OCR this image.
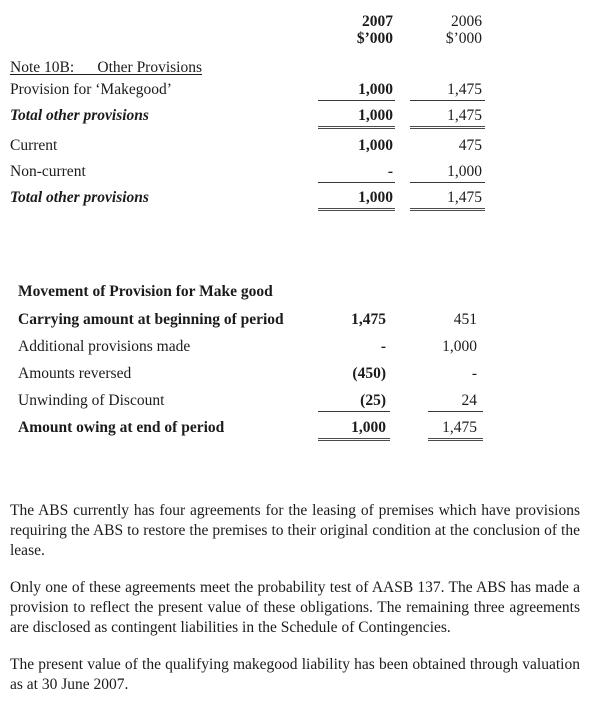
2007	2006
$’000	$’000
Note 10B:      Other Provisions
Provision for ‘Makegood’	1,000	1,475
Total other provisions	1,000	1,475
Current	1,000	475
Non-current	-	1,000
Total other provisions	1,000	1,475
Movement of Provision for Make good
Carrying amount at beginning of period	1,475	451
Additional provisions made	-	1,000
Amounts reversed	(450)	-
Unwinding of Discount	(25)	24
Amount owing at end of period	1,000	1,475

The ABS currently has four agreements for the leasing of premises which have provisions requiring the ABS to restore the premises to their original condition at the conclusion of the lease.

Only one of these agreements meet the probability test of AASB 137. The ABS has made a provision to reflect the present value of these obligations. The remaining three agreements are disclosed as contingent liabilities in the Schedule of Contingencies.

The present value of the qualifying makegood liability has been obtained through valuation as at 30 June 2007.
